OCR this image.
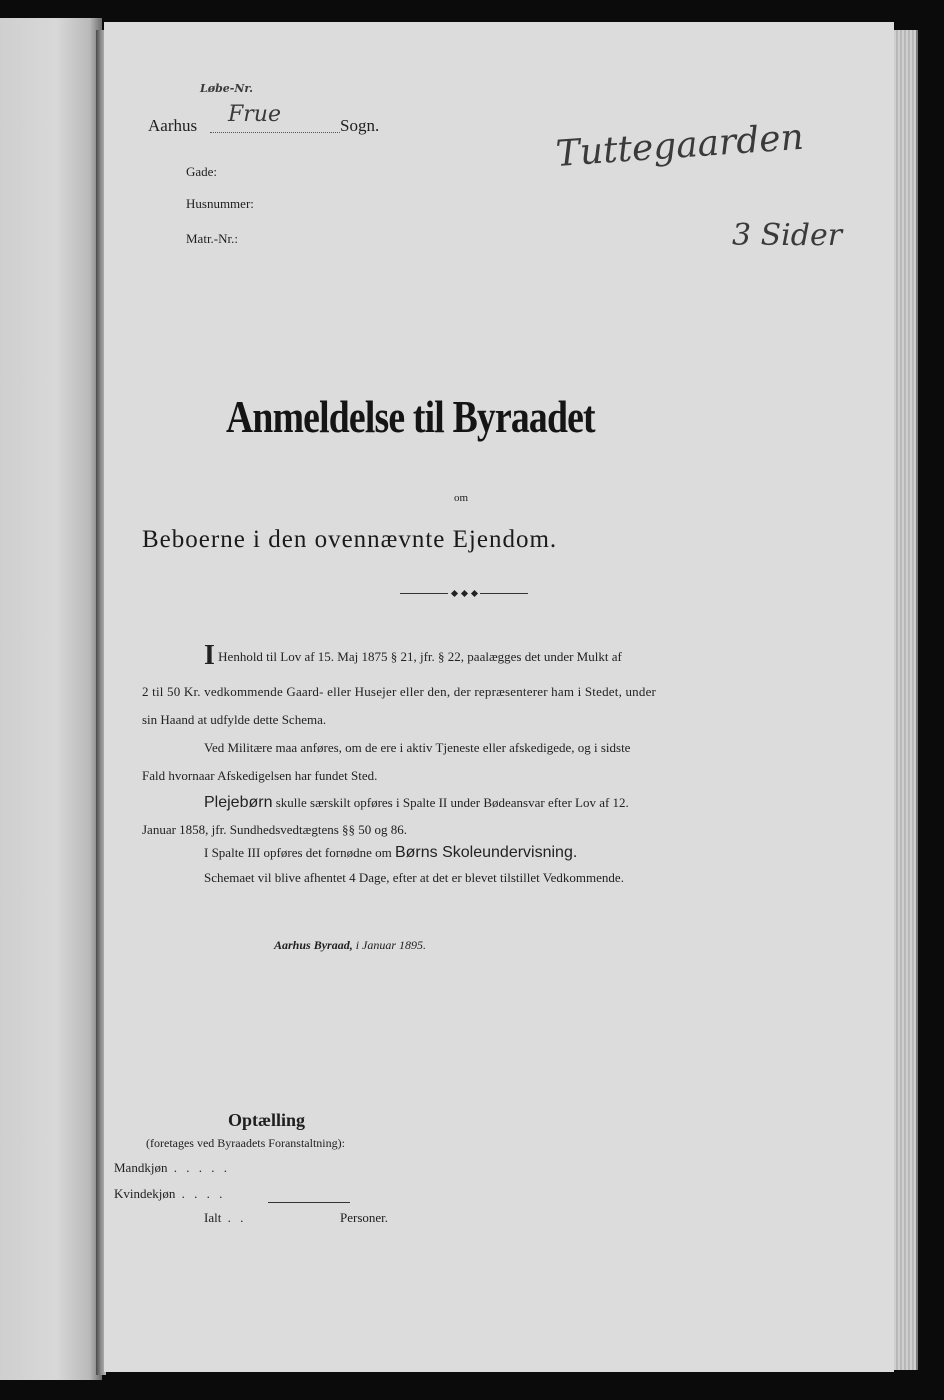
Løbe-Nr.
Aarhus Frue	Sogn.
Gade:
Husnummer:
Matr.-Nr.:
Tuttegaarden
3 Sider
Anmeldelse til Byraadet
om
Beboerne i den ovennævnte Ejendom.
I Henhold til Lov af 15. Maj 1875 § 21, jfr. § 22, paalægges det under Mulkt af
2 til 50 Kr. vedkommende Gaard- eller Husejer eller den, der repræsenterer ham i Stedet, under
sin Haand at udfylde dette Schema.
Ved Militære maa anføres, om de ere i aktiv Tjeneste eller afskedigede, og i sidste
Fald hvornaar Afskedigelsen har fundet Sted.
Plejebørn skulle særskilt opføres i Spalte II under Bødeansvar efter Lov af 12.
Januar 1858, jfr. Sundhedsvedtægtens §§ 50 og 86.
I Spalte III opføres det fornødne om Børns Skoleundervisning.
Schemaet vil blive afhentet 4 Dage, efter at det er blevet tilstillet Vedkommende.
Aarhus Byraad, i Januar 1895.
Optælling
(foretages ved Byraadets Foranstaltning):
Mandkjøn . . . . .
Kvindekjøn . . . .
Ialt . .	Personer.
